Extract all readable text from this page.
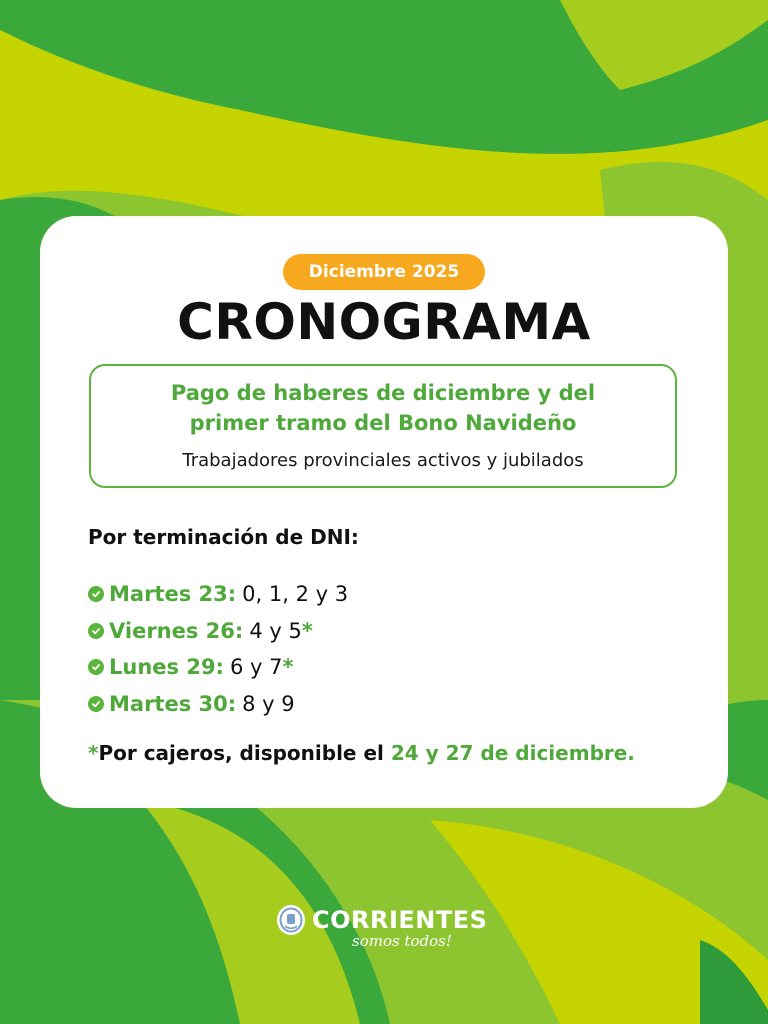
Diciembre 2025
CRONOGRAMA
Pago de haberes de diciembre y del
primer tramo del Bono Navideño
Trabajadores provinciales activos y jubilados
Por terminación de DNI:
Martes 23: 0, 1, 2 y 3
Viernes 26: 4 y 5 *
Lunes 29: 6 y 7 *
Martes 30: 8 y 9
*Por cajeros, disponible el 24 y 27 de diciembre.
CORRIENTES
somos todos!
